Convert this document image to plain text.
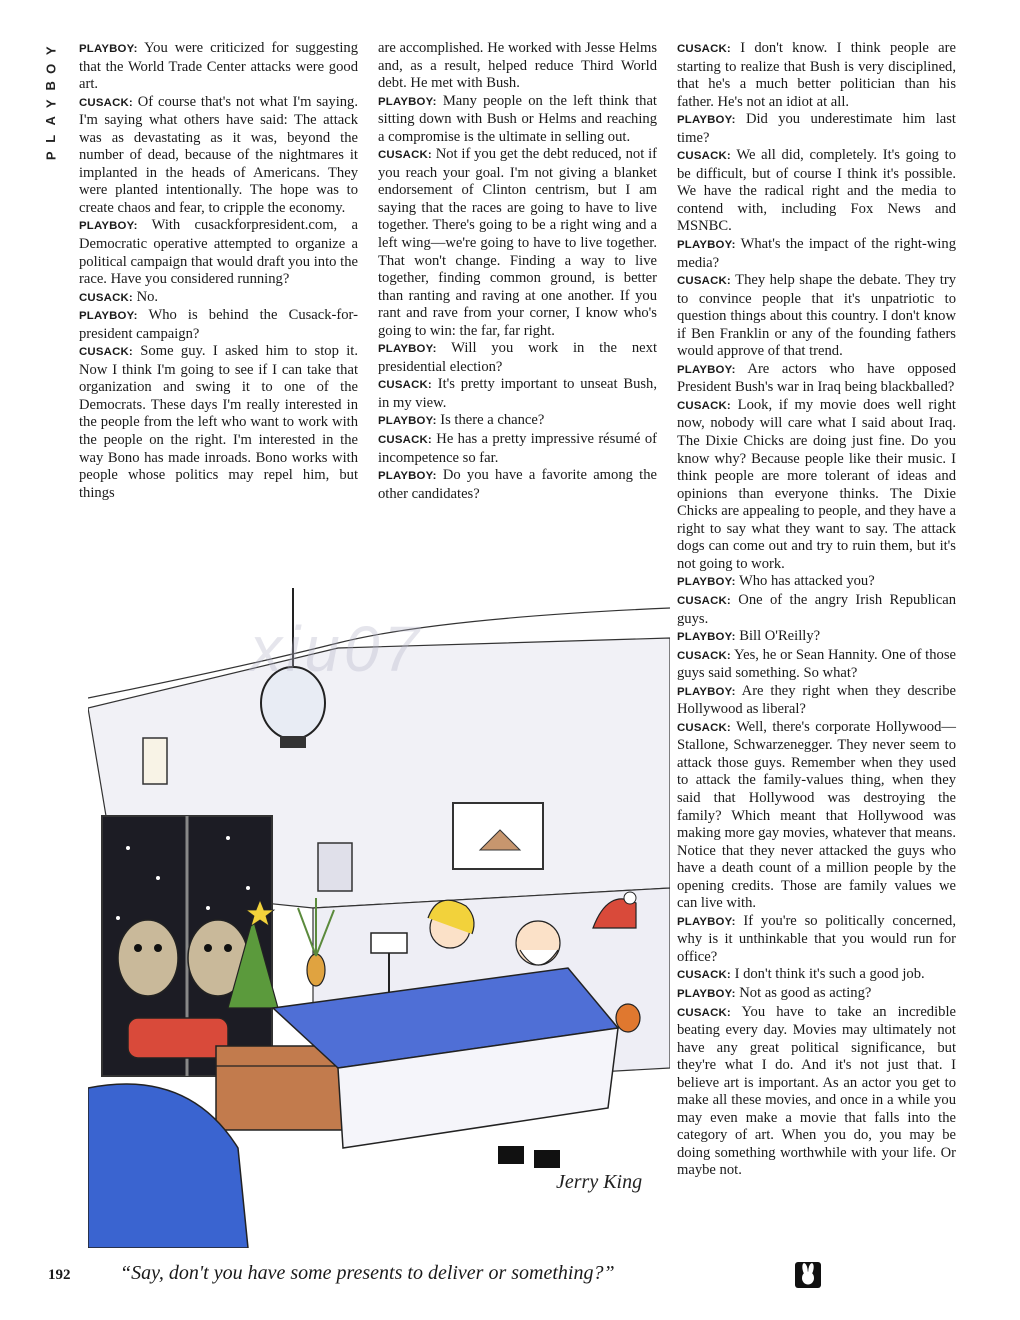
Y
O
B
Y
A
L
P

PLAYBOY: You were criticized for suggesting that the World Trade Center attacks were good art.

CUSACK: Of course that's not what I'm saying. I'm saying what others have said: The attack was as devastating as it was, beyond the number of dead, because of the nightmares it implanted in the heads of Americans. They were planted intentionally. The hope was to create chaos and fear, to cripple the economy.

PLAYBOY: With cusackforpresident.com, a Democratic operative attempted to organize a political campaign that would draft you into the race. Have you considered running?

CUSACK: No.

PLAYBOY: Who is behind the Cusack-for-president campaign?

CUSACK: Some guy. I asked him to stop it. Now I think I'm going to see if I can take that organization and swing it to one of the Democrats. These days I'm really interested in the people from the left who want to work with the people on the right. I'm interested in the way Bono has made inroads. Bono works with people whose politics may repel him, but things

are accomplished. He worked with Jesse Helms and, as a result, helped reduce Third World debt. He met with Bush.

PLAYBOY: Many people on the left think that sitting down with Bush or Helms and reaching a compromise is the ultimate in selling out.

CUSACK: Not if you get the debt reduced, not if you reach your goal. I'm not giving a blanket endorsement of Clinton centrism, but I am saying that the races are going to have to live together. There's going to be a right wing and a left wing—we're going to have to live together. That won't change. Finding a way to live together, finding common ground, is better than ranting and raving at one another. If you rant and rave from your corner, I know who's going to win: the far, far right.

PLAYBOY: Will you work in the next presidential election?

CUSACK: It's pretty important to unseat Bush, in my view.

PLAYBOY: Is there a chance?

CUSACK: He has a pretty impressive résumé of incompetence so far.

PLAYBOY: Do you have a favorite among the other candidates?

CUSACK: I don't know. I think people are starting to realize that Bush is very disciplined, that he's a much better politician than his father. He's not an idiot at all.

PLAYBOY: Did you underestimate him last time?

CUSACK: We all did, completely. It's going to be difficult, but of course I think it's possible. We have the radical right and the media to contend with, including Fox News and MSNBC.

PLAYBOY: What's the impact of the right-wing media?

CUSACK: They help shape the debate. They try to convince people that it's unpatriotic to question things about this country. I don't know if Ben Franklin or any of the founding fathers would approve of that trend.

PLAYBOY: Are actors who have opposed President Bush's war in Iraq being blackballed?

CUSACK: Look, if my movie does well right now, nobody will care what I said about Iraq. The Dixie Chicks are doing just fine. Do you know why? Because people like their music. I think people are more tolerant of ideas and opinions than everyone thinks. The Dixie Chicks are appealing to people, and they have a right to say what they want to say. The attack dogs can come out and try to ruin them, but it's not going to work.

PLAYBOY: Who has attacked you?

CUSACK: One of the angry Irish Republican guys.

PLAYBOY: Bill O'Reilly?

CUSACK: Yes, he or Sean Hannity. One of those guys said something. So what?

PLAYBOY: Are they right when they describe Hollywood as liberal?

CUSACK: Well, there's corporate Hollywood—Stallone, Schwarzenegger. They never seem to attack those guys. Remember when they used to attack the family-values thing, when they said that Hollywood was destroying the family? Which meant that Hollywood was making more gay movies, whatever that means. Notice that they never attacked the guys who have a death count of a million people by the opening credits. Those are family values we can live with.

PLAYBOY: If you're so politically concerned, why is it unthinkable that you would run for office?

CUSACK: I don't think it's such a good job.

PLAYBOY: Not as good as acting?

CUSACK: You have to take an incredible beating every day. Movies may ultimately not have any great political significance, but they're what I do. And it's not just that. I believe art is important. As an actor you get to make all these movies, and once in a while you may even make a movie that falls into the category of art. When you do, you may be doing something worthwhile with your life. Or maybe not.

Jerry King
xiu07
192 “Say, don't you have some presents to deliver or something?”
